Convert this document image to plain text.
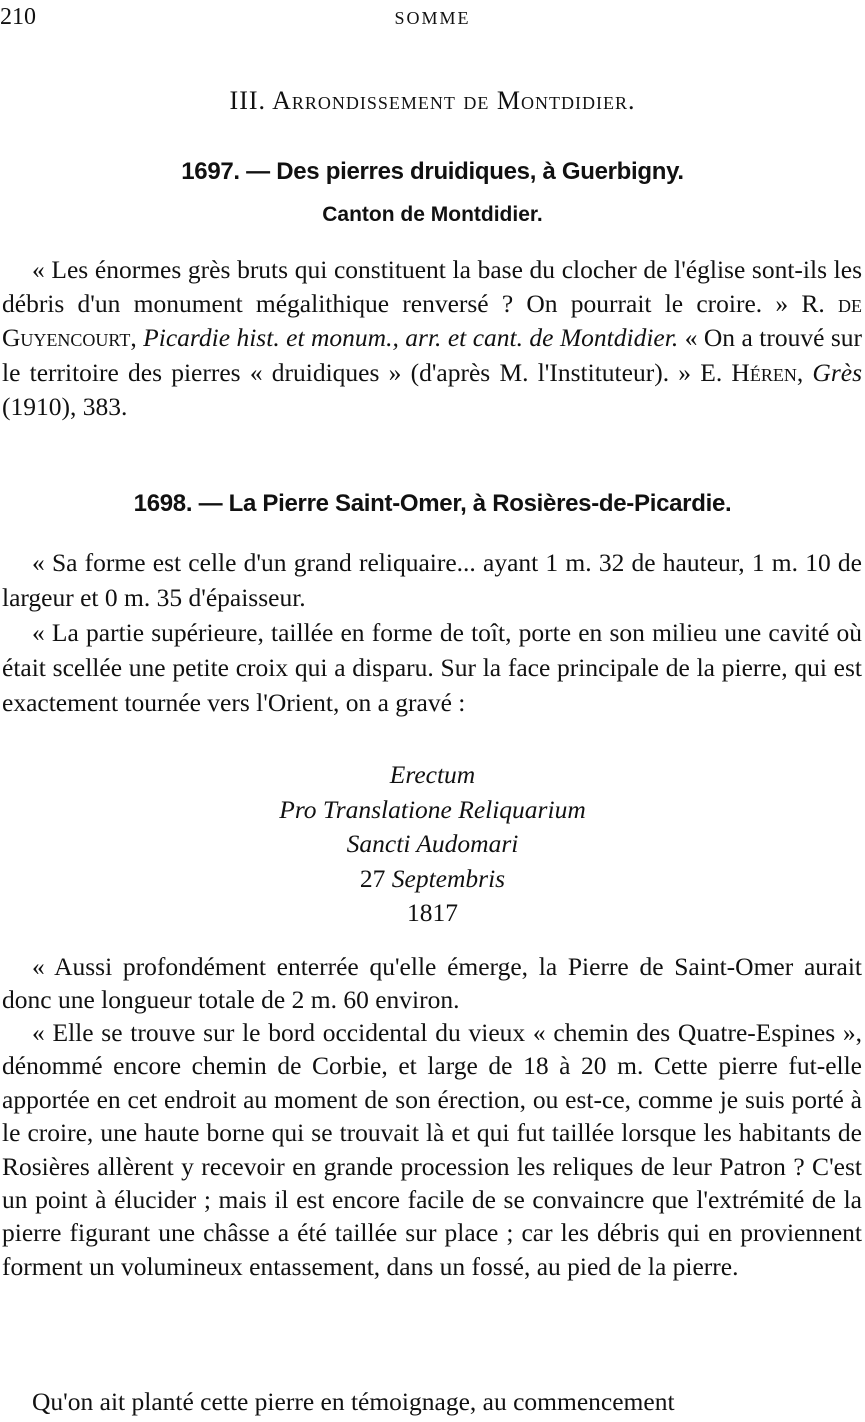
210	SOMME
III. Arrondissement de Montdidier.
1697. — Des pierres druidiques, à Guerbigny.
Canton de Montdidier.

« Les énormes grès bruts qui constituent la base du clocher de l'église sont-ils les débris d'un monument mégalithique renversé ? On pourrait le croire. » R. de Guyencourt, Picardie hist. et monum., arr. et cant. de Montdidier. « On a trouvé sur le territoire des pierres « druidiques » (d'après M. l'Instituteur). » E. Héren, Grès (1910), 383.

1698. — La Pierre Saint-Omer, à Rosières-de-Picardie.

« Sa forme est celle d'un grand reliquaire... ayant 1 m. 32 de hauteur, 1 m. 10 de largeur et 0 m. 35 d'épaisseur.

« La partie supérieure, taillée en forme de toît, porte en son milieu une cavité où était scellée une petite croix qui a disparu. Sur la face principale de la pierre, qui est exactement tournée vers l'Orient, on a gravé :

Erectum
Pro Translatione Reliquarium
Sancti Audomari
27 Septembris
1817

« Aussi profondément enterrée qu'elle émerge, la Pierre de Saint-Omer aurait donc une longueur totale de 2 m. 60 environ.

« Elle se trouve sur le bord occidental du vieux « chemin des Quatre-Espines », dénommé encore chemin de Corbie, et large de 18 à 20 m. Cette pierre fut-elle apportée en cet endroit au moment de son érection, ou est-ce, comme je suis porté à le croire, une haute borne qui se trouvait là et qui fut taillée lorsque les habitants de Rosières allèrent y recevoir en grande procession les reliques de leur Patron ? C'est un point à élucider ; mais il est encore facile de se convaincre que l'extrémité de la pierre figurant une châsse a été taillée sur place ; car les débris qui en proviennent forment un volumineux entassement, dans un fossé, au pied de la pierre.

Qu'on ait planté cette pierre en témoignage, au commencement
